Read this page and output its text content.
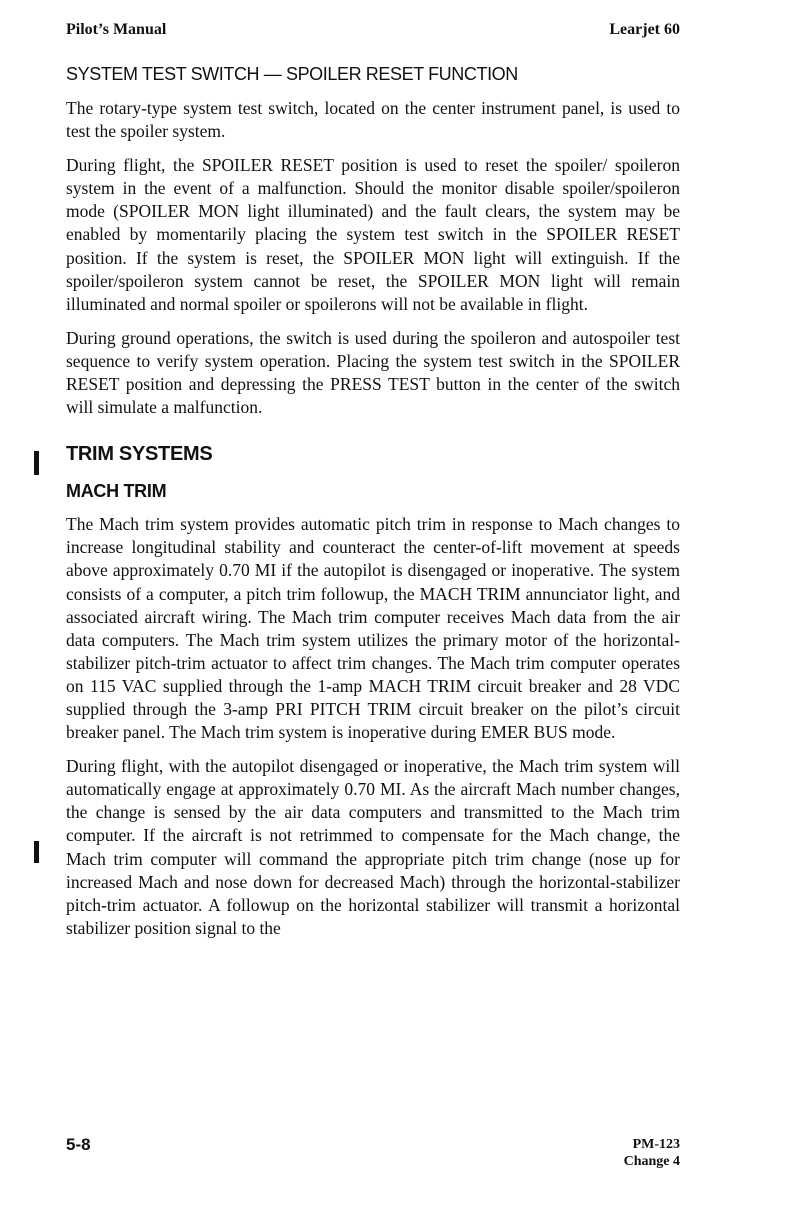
Pilot’s Manual	Learjet 60
SYSTEM TEST SWITCH — SPOILER RESET FUNCTION

The rotary-type system test switch, located on the center instrument panel, is used to test the spoiler system.

During flight, the SPOILER RESET position is used to reset the spoiler/ spoileron system in the event of a malfunction. Should the monitor disable spoiler/spoileron mode (SPOILER MON light illuminated) and the fault clears, the system may be enabled by momentarily placing the system test switch in the SPOILER RESET position. If the system is reset, the SPOILER MON light will extinguish. If the spoiler/spoileron system cannot be reset, the SPOILER MON light will remain illuminated and normal spoiler or spoilerons will not be available in flight.

During ground operations, the switch is used during the spoileron and autospoiler test sequence to verify system operation. Placing the system test switch in the SPOILER RESET position and depressing the PRESS TEST button in the center of the switch will simulate a malfunction.

TRIM SYSTEMS
MACH TRIM

The Mach trim system provides automatic pitch trim in response to Mach changes to increase longitudinal stability and counteract the center-of-lift movement at speeds above approximately 0.70 MI if the autopilot is disengaged or inoperative. The system consists of a computer, a pitch trim followup, the MACH TRIM annunciator light, and associated aircraft wiring. The Mach trim computer receives Mach data from the air data computers. The Mach trim system utilizes the primary motor of the horizontal-stabilizer pitch-trim actuator to affect trim changes. The Mach trim computer operates on 115 VAC supplied through the 1-amp MACH TRIM circuit breaker and 28 VDC supplied through the 3-amp PRI PITCH TRIM circuit breaker on the pilot’s circuit breaker panel. The Mach trim system is inoperative during EMER BUS mode.

During flight, with the autopilot disengaged or inoperative, the Mach trim system will automatically engage at approximately 0.70 MI. As the aircraft Mach number changes, the change is sensed by the air data computers and transmitted to the Mach trim computer. If the aircraft is not retrimmed to compensate for the Mach change, the Mach trim computer will command the appropriate pitch trim change (nose up for increased Mach and nose down for decreased Mach) through the horizontal-stabilizer pitch-trim actuator. A followup on the horizontal stabilizer will transmit a horizontal stabilizer position signal to the

5-8	PM-123
Change 4
